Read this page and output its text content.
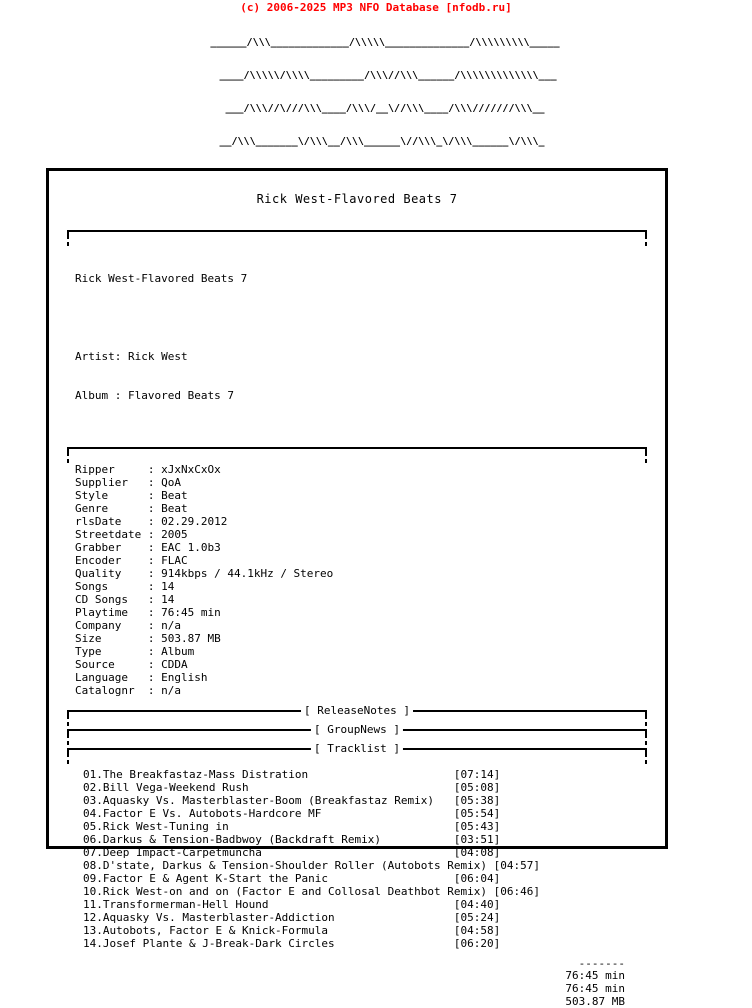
(c) 2006-2025 MP3 NFO Database [nfodb.ru]

______/\\\_____________/\\\\\______________/\\\\\\\\\_____

____/\\\\\/\\\\_________/\\\//\\\______/\\\\\\\\\\\\\___

___/\\\//\///\\\____/\\\/__\//\\\____/\\\///////\\\__

__/\\\_______\/\\\__/\\\______\//\\\_\/\\\______\/\\\_

Rick West-Flavored Beats 7

Rick West-Flavored Beats 7

Artist: Rick West

Album : Flavored Beats 7

Ripper     : xJxNxCxOx
Supplier   : QoA
Style      : Beat
Genre      : Beat
rlsDate    : 02.29.2012
Streetdate : 2005
Grabber    : EAC 1.0b3
Encoder    : FLAC
Quality    : 914kbps / 44.1kHz / Stereo
Songs      : 14
CD Songs   : 14
Playtime   : 76:45 min
Company    : n/a
Size       : 503.87 MB
Type       : Album
Source     : CDDA
Language   : English
Catalognr  : n/a
[ ReleaseNotes ]
[ GroupNews ]
[ Tracklist ]
01.The Breakfastaz-Mass Distration                      [07:14]
02.Bill Vega-Weekend Rush                               [05:08]
03.Aquasky Vs. Masterblaster-Boom (Breakfastaz Remix)   [05:38]
04.Factor E Vs. Autobots-Hardcore MF                    [05:54]
05.Rick West-Tuning in                                  [05:43]
06.Darkus & Tension-Badbwoy (Backdraft Remix)           [03:51]
07.Deep Impact-Carpetmuncha                             [04:08]
08.D'state, Darkus & Tension-Shoulder Roller (Autobots Remix) [04:57]
09.Factor E & Agent K-Start the Panic                   [06:04]
10.Rick West-on and on (Factor E and Collosal Deathbot Remix) [06:46]
11.Transformerman-Hell Hound                            [04:40]
12.Aquasky Vs. Masterblaster-Addiction                  [05:24]
13.Autobots, Factor E & Knick-Formula                   [04:58]
14.Josef Plante & J-Break-Dark Circles                  [06:20]
-------
76:45 min
76:45 min
503.87 MB
